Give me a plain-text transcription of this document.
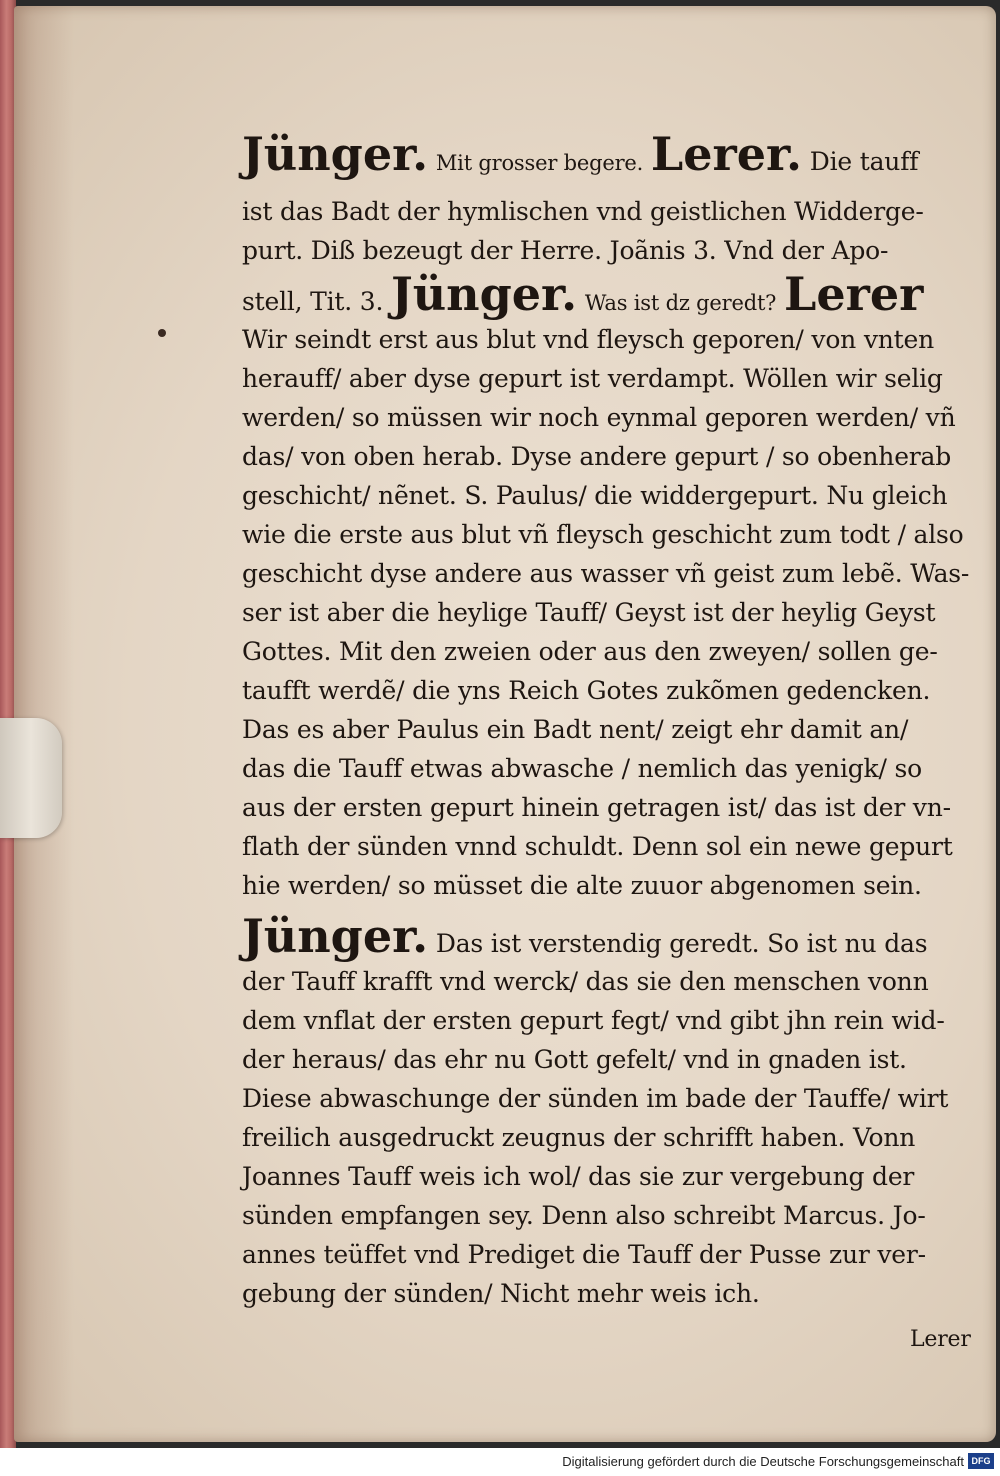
Jünger. Mit grosser begere. Lerer. Die tauff
ist das Badt der hymlischen vnd geistlichen Widderge-
purt. Diß bezeugt der Herre. Joãnis 3. Vnd der Apo-
stell, Tit. 3. Jünger. Was ist dz geredt? Lerer
Wir seindt erst aus blut vnd fleysch geporen/ von vnten
herauff/ aber dyse gepurt ist verdampt. Wöllen wir selig
werden/ so müssen wir noch eynmal geporen werden/ vñ
das/ von oben herab. Dyse andere gepurt / so obenherab
geschicht/ nẽnet. S. Paulus/ die widdergepurt. Nu gleich
wie die erste aus blut vñ fleysch geschicht zum todt / also
geschicht dyse andere aus wasser vñ geist zum lebẽ. Was-
ser ist aber die heylige Tauff/ Geyst ist der heylig Geyst
Gottes. Mit den zweien oder aus den zweyen/ sollen ge-
taufft werdẽ/ die yns Reich Gotes zukõmen gedencken.
Das es aber Paulus ein Badt nent/ zeigt ehr damit an/
das die Tauff etwas abwasche / nemlich das yenigk/ so
aus der ersten gepurt hinein getragen ist/ das ist der vn-
flath der sünden vnnd schuldt. Denn sol ein newe gepurt
hie werden/ so müsset die alte zuuor abgenomen sein.
Jünger. Das ist verstendig geredt. So ist nu das
der Tauff krafft vnd werck/ das sie den menschen vonn
dem vnflat der ersten gepurt fegt/ vnd gibt jhn rein wid-
der heraus/ das ehr nu Gott gefelt/ vnd in gnaden ist.
Diese abwaschunge der sünden im bade der Tauffe/ wirt
freilich ausgedruckt zeugnus der schrifft haben. Vonn
Joannes Tauff weis ich wol/ das sie zur vergebung der
sünden empfangen sey. Denn also schreibt Marcus. Jo-
annes teüffet vnd Prediget die Tauff der Pusse zur ver-
gebung der sünden/ Nicht mehr weis ich.
Lerer
Digitalisierung gefördert durch die Deutsche Forschungsgemeinschaft DFG
